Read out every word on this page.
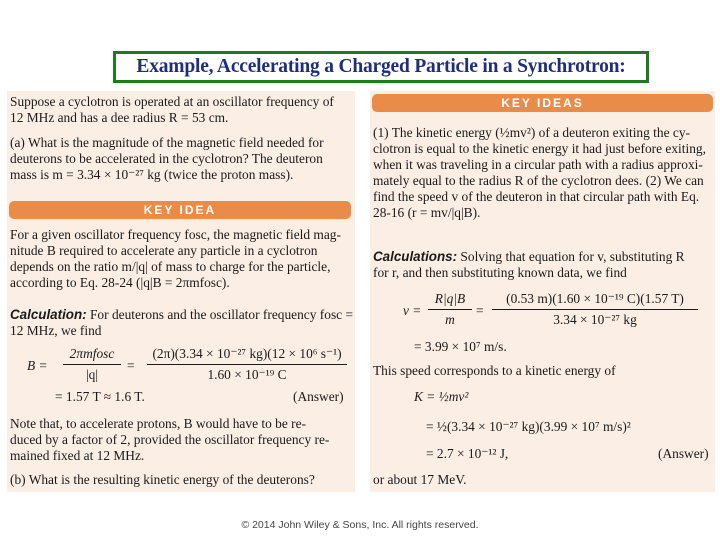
Example, Accelerating a Charged Particle in a Synchrotron:
Suppose a cyclotron is operated at an oscillator frequency of
12 MHz and has a dee radius R = 53 cm.
(a) What is the magnitude of the magnetic field needed for
deuterons to be accelerated in the cyclotron? The deuteron
mass is m = 3.34 × 10⁻²⁷ kg (twice the proton mass).
KEY IDEA
For a given oscillator frequency fosc, the magnetic field mag-
nitude B required to accelerate any particle in a cyclotron
depends on the ratio m/|q| of mass to charge for the particle,
according to Eq. 28-24 (|q|B = 2πmfosc).
Calculation: For deuterons and the oscillator frequency fosc =
12 MHz, we find
B =
2πmfosc
|q|
=
(2π)(3.34 × 10⁻²⁷ kg)(12 × 10⁶ s⁻¹)
1.60 × 10⁻¹⁹ C
= 1.57 T ≈ 1.6 T.	(Answer)
Note that, to accelerate protons, B would have to be re-
duced by a factor of 2, provided the oscillator frequency re-
mained fixed at 12 MHz.
(b) What is the resulting kinetic energy of the deuterons?
KEY IDEAS
(1) The kinetic energy (½mv²) of a deuteron exiting the cy-
clotron is equal to the kinetic energy it had just before exiting,
when it was traveling in a circular path with a radius approxi-
mately equal to the radius R of the cyclotron dees. (2) We can
find the speed v of the deuteron in that circular path with Eq.
28-16 (r = mv/|q|B).
Calculations: Solving that equation for v, substituting R
for r, and then substituting known data, we find
v =
R|q|B
m
=
(0.53 m)(1.60 × 10⁻¹⁹ C)(1.57 T)
3.34 × 10⁻²⁷ kg
= 3.99 × 10⁷ m/s.
This speed corresponds to a kinetic energy of
K = ½mv²
= ½(3.34 × 10⁻²⁷ kg)(3.99 × 10⁷ m/s)²
= 2.7 × 10⁻¹² J,	(Answer)
or about 17 MeV.
© 2014 John Wiley & Sons, Inc. All rights reserved.
